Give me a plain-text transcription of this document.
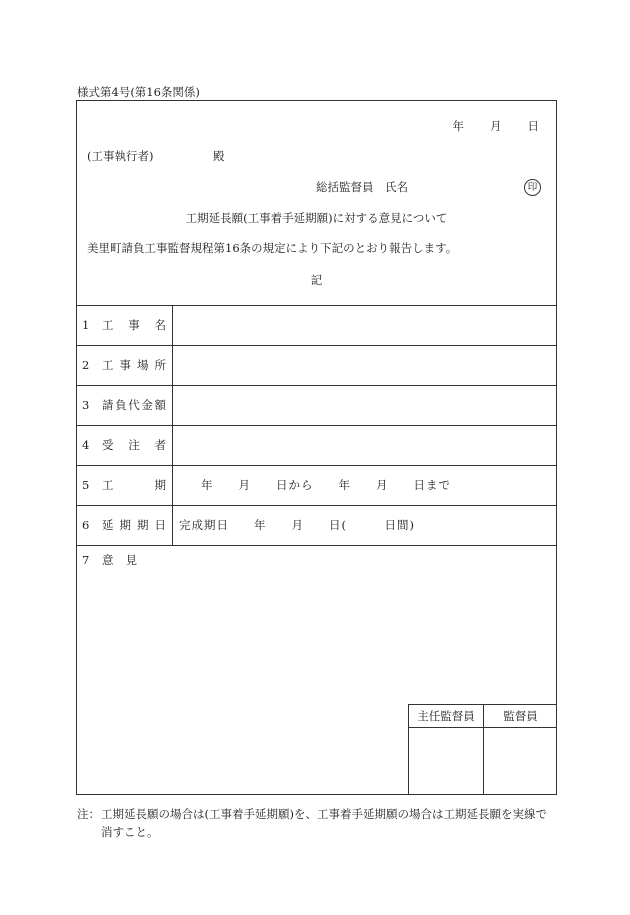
様式第4号(第16条関係)
年　　月　　日
(工事執行者)	殿
総括監督員　氏名	印
工期延長願(工事着手延期願)に対する意見について
美里町請負工事監督規程第16条の規定により下記のとおり報告します。
記
1 工事名
2 工事場所
3 請負代金額
4 受注者
5 工期	年　　月　　日から　　年　　月　　日まで
6 延期期日 完成期日　　年　　月　　日(　　　日間)
7 意見
主任監督員	監督員
注： 工期延長願の場合は(工事着手延期願)を、工事着手延期願の場合は工期延長願を実線で消すこと。
